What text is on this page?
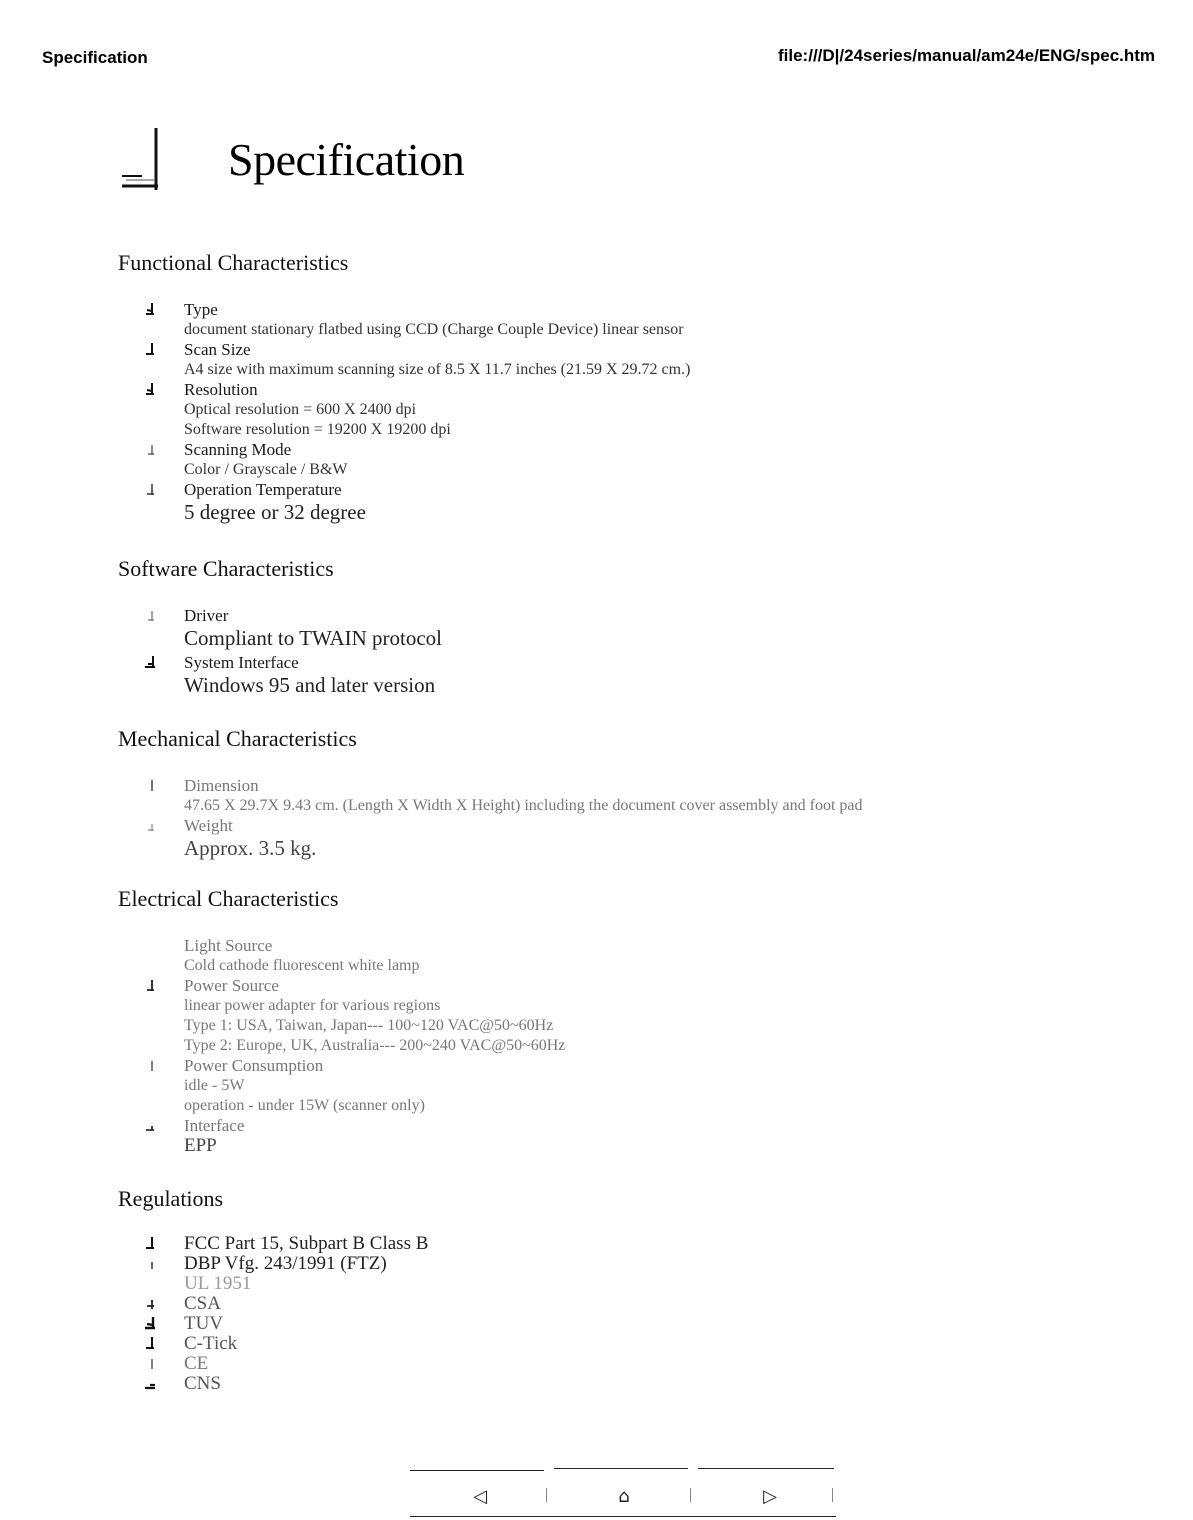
Specification	file:///D|/24series/manual/am24e/ENG/spec.htm
Specification
Functional Characteristics
Type
document stationary flatbed using CCD (Charge Couple Device) linear sensor
Scan Size
A4 size with maximum scanning size of 8.5 X 11.7 inches (21.59 X 29.72 cm.)
Resolution
Optical resolution = 600 X 2400 dpi
Software resolution = 19200 X 19200 dpi
Scanning Mode
Color / Grayscale / B&W
Operation Temperature
5 degree or 32 degree
Software Characteristics
Driver
Compliant to TWAIN protocol
System Interface
Windows 95 and later version
Mechanical Characteristics
Dimension
47.65 X 29.7X 9.43 cm. (Length X Width X Height) including the document cover assembly and foot pad
Weight
Approx. 3.5 kg.
Electrical Characteristics
Light Source
Cold cathode fluorescent white lamp
Power Source
linear power adapter for various regions
Type 1: USA, Taiwan, Japan--- 100~120 VAC@50~60Hz
Type 2: Europe, UK, Australia--- 200~240 VAC@50~60Hz
Power Consumption
idle - 5W
operation - under 15W (scanner only)
Interface
EPP
Regulations
FCC Part 15, Subpart B Class B
DBP Vfg. 243/1991 (FTZ)
UL 1951
CSA
TUV
C-Tick
CE
CNS
◁	⌂	▷
